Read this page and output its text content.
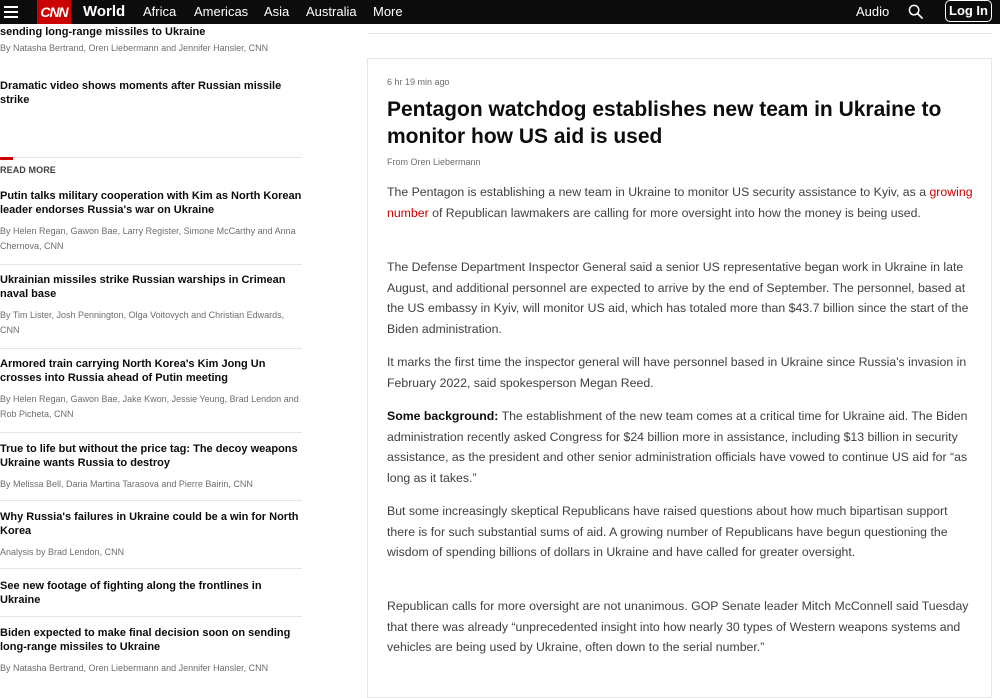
CNN World Africa Americas Asia Australia More	Audio	Log In
sending long-range missiles to Ukraine
By Natasha Bertrand, Oren Liebermann and Jennifer Hansler, CNN
Dramatic video shows moments after Russian missile strike
READ MORE
Putin talks military cooperation with Kim as North Korean leader endorses Russia's war on Ukraine
By Helen Regan, Gawon Bae, Larry Register, Simone McCarthy and Anna Chernova, CNN
Ukrainian missiles strike Russian warships in Crimean naval base
By Tim Lister, Josh Pennington, Olga Voitovych and Christian Edwards, CNN
Armored train carrying North Korea's Kim Jong Un crosses into Russia ahead of Putin meeting
By Helen Regan, Gawon Bae, Jake Kwon, Jessie Yeung, Brad Lendon and Rob Picheta, CNN
True to life but without the price tag: The decoy weapons Ukraine wants Russia to destroy
By Melissa Bell, Daria Martina Tarasova and Pierre Bairin, CNN
Why Russia's failures in Ukraine could be a win for North Korea
Analysis by Brad Lendon, CNN
See new footage of fighting along the frontlines in Ukraine
Biden expected to make final decision soon on sending long-range missiles to Ukraine
By Natasha Bertrand, Oren Liebermann and Jennifer Hansler, CNN
6 hr 19 min ago
Pentagon watchdog establishes new team in Ukraine to monitor how US aid is used
From Oren Liebermann

The Pentagon is establishing a new team in Ukraine to monitor US security assistance to Kyiv, as a growing number of Republican lawmakers are calling for more oversight into how the money is being used.

The Defense Department Inspector General said a senior US representative began work in Ukraine in late August, and additional personnel are expected to arrive by the end of September. The personnel, based at the US embassy in Kyiv, will monitor US aid, which has totaled more than $43.7 billion since the start of the Biden administration.

It marks the first time the inspector general will have personnel based in Ukraine since Russia's invasion in February 2022, said spokesperson Megan Reed.

Some background: The establishment of the new team comes at a critical time for Ukraine aid. The Biden administration recently asked Congress for $24 billion more in assistance, including $13 billion in security assistance, as the president and other senior administration officials have vowed to continue US aid for “as long as it takes.”

But some increasingly skeptical Republicans have raised questions about how much bipartisan support there is for such substantial sums of aid. A growing number of Republicans have begun questioning the wisdom of spending billions of dollars in Ukraine and have called for greater oversight.

Republican calls for more oversight are not unanimous. GOP Senate leader Mitch McConnell said Tuesday that there was already “unprecedented insight into how nearly 30 types of Western weapons systems and vehicles are being used by Ukraine, often down to the serial number.”
